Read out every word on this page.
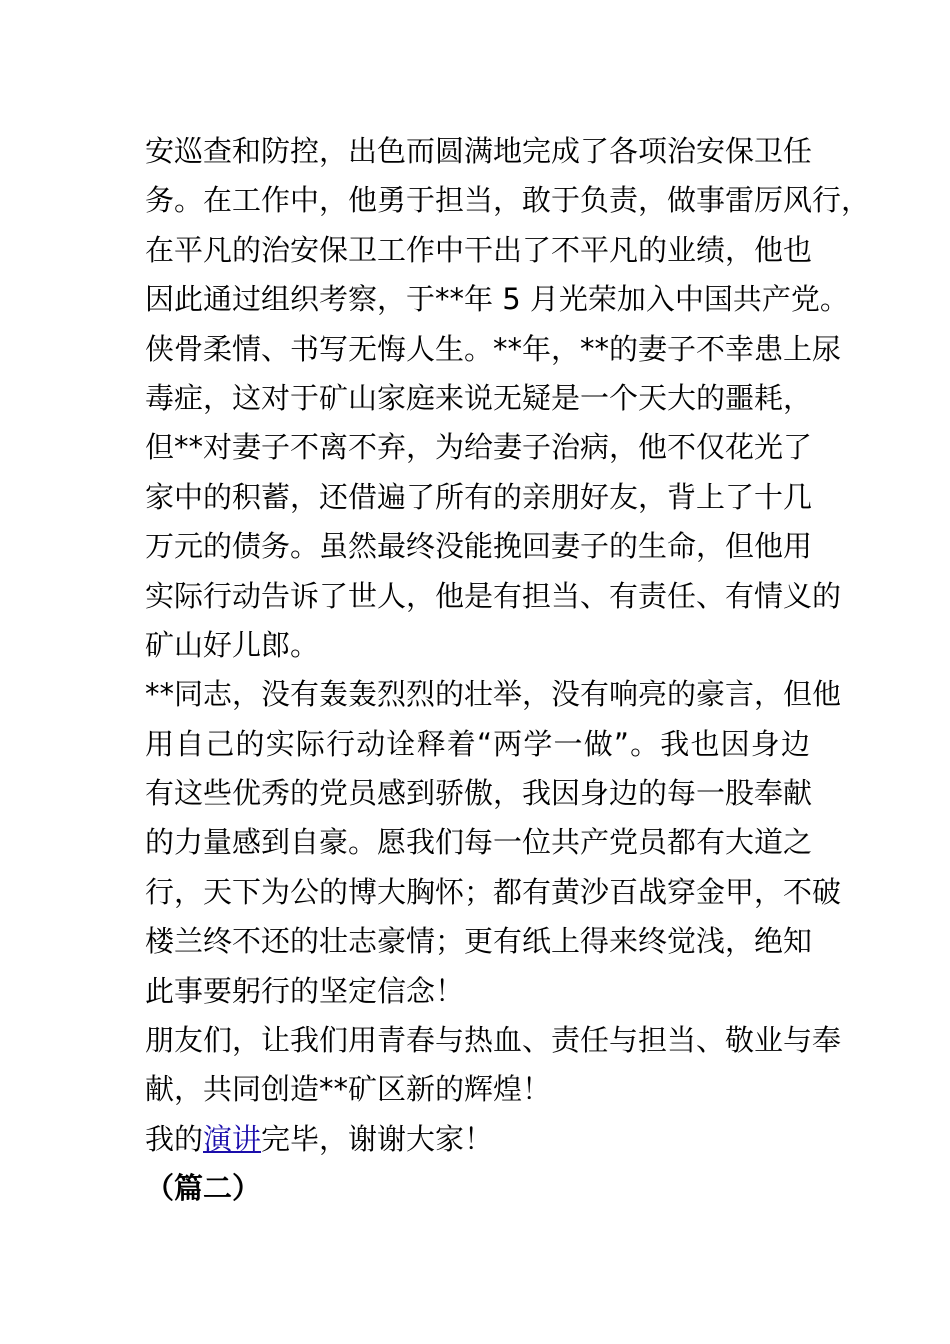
安巡查和防控，出色而圆满地完成了各项治安保卫任
务。在工作中，他勇于担当，敢于负责，做事雷厉风行，
在平凡的治安保卫工作中干出了不平凡的业绩，他也
因此通过组织考察，于**年 5 月光荣加入中国共产党。
侠骨柔情、书写无悔人生。**年，**的妻子不幸患上尿
毒症，这对于矿山家庭来说无疑是一个天大的噩耗，
但**对妻子不离不弃，为给妻子治病，他不仅花光了
家中的积蓄，还借遍了所有的亲朋好友，背上了十几
万元的债务。虽然最终没能挽回妻子的生命，但他用
实际行动告诉了世人，他是有担当、有责任、有情义的
矿山好儿郎。
**同志，没有轰轰烈烈的壮举，没有响亮的豪言，但他
用自己的实际行动诠释着“两学一做”。我也因身边
有这些优秀的党员感到骄傲，我因身边的每一股奉献
的力量感到自豪。愿我们每一位共产党员都有大道之
行，天下为公的博大胸怀；都有黄沙百战穿金甲，不破
楼兰终不还的壮志豪情；更有纸上得来终觉浅，绝知
此事要躬行的坚定信念！
朋友们，让我们用青春与热血、责任与担当、敬业与奉
献，共同创造**矿区新的辉煌！
我的演讲完毕，谢谢大家！
（篇二）
